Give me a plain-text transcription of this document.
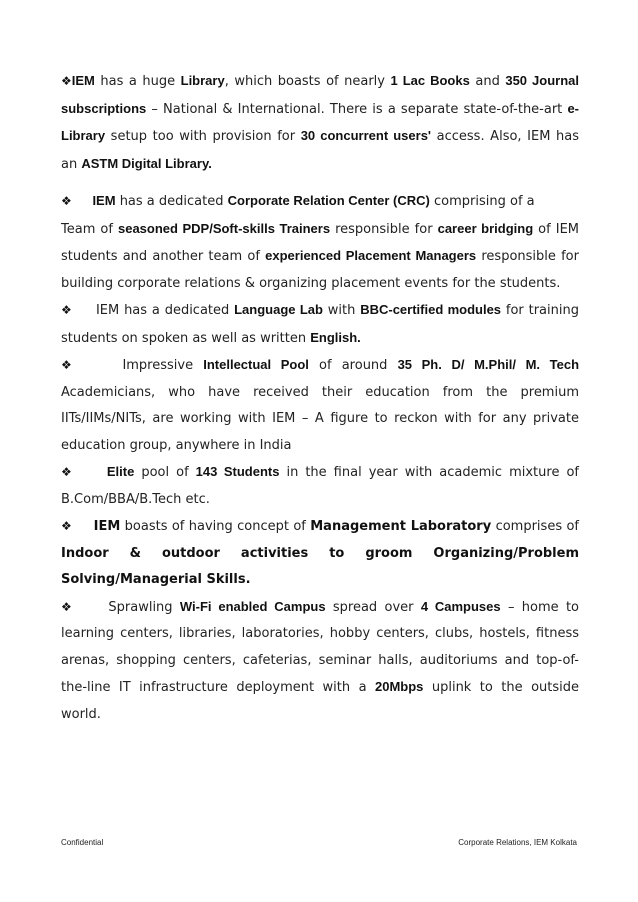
❖IEM has a huge Library, which boasts of nearly 1 Lac Books and 350 Journal subscriptions – National & International. There is a separate state-of-the-art e-Library setup too with provision for 30 concurrent users' access. Also, IEM has an ASTM Digital Library.

❖ IEM has a dedicated Corporate Relation Center (CRC) comprising of a
Team of seasoned PDP/Soft-skills Trainers responsible for career bridging of IEM students and another team of experienced Placement Managers responsible for building corporate relations & organizing placement events for the students.

❖ IEM has a dedicated Language Lab with BBC-certified modules for training students on spoken as well as written English.

❖	Impressive Intellectual Pool of around 35 Ph. D/ M.Phil/ M. Tech Academicians, who have received their education from the premium IITs/IIMs/NITs, are working with IEM – A figure to reckon with for any private education group, anywhere in India

❖	Elite pool of 143 Students in the final year with academic mixture of B.Com/BBA/B.Tech etc.

❖ IEM boasts of having concept of Management Laboratory comprises of Indoor & outdoor activities to groom Organizing/Problem Solving/Managerial Skills.

❖	Sprawling Wi-Fi enabled Campus spread over 4 Campuses – home to learning centers, libraries, laboratories, hobby centers, clubs, hostels, fitness arenas, shopping centers, cafeterias, seminar halls, auditoriums and top-of-the-line IT infrastructure deployment with a 20Mbps uplink to the outside world.

Confidential	Corporate Relations, IEM Kolkata
